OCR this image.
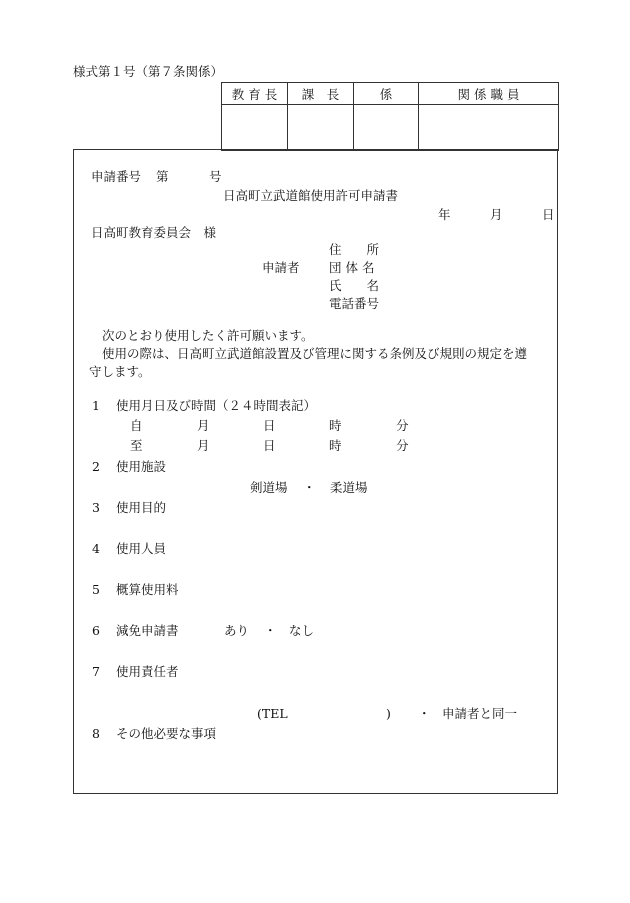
様式第１号（第７条関係）
教 育 長	課　長	係	関 係 職 員

申請番号 第	号
日高町立武道館使用許可申請書
年	月	日
日高町教育委員会　様
申請者
住　　所
団 体 名
氏　　名
電話番号
次のとおり使用したく許可願います。
使用の際は、日高町立武道館設置及び管理に関する条例及び規則の規定を遵
守します。
1 使用月日及び時間（２４時間表記）
自	月	日	時	分
至	月	日	時	分
2 使用施設
剣道場 ・ 柔道場
3 使用目的
4 使用人員
5 概算使用料
6 減免申請書	あり ・ なし
7 使用責任者
(TEL	) ・ 申請者と同一
8 その他必要な事項
